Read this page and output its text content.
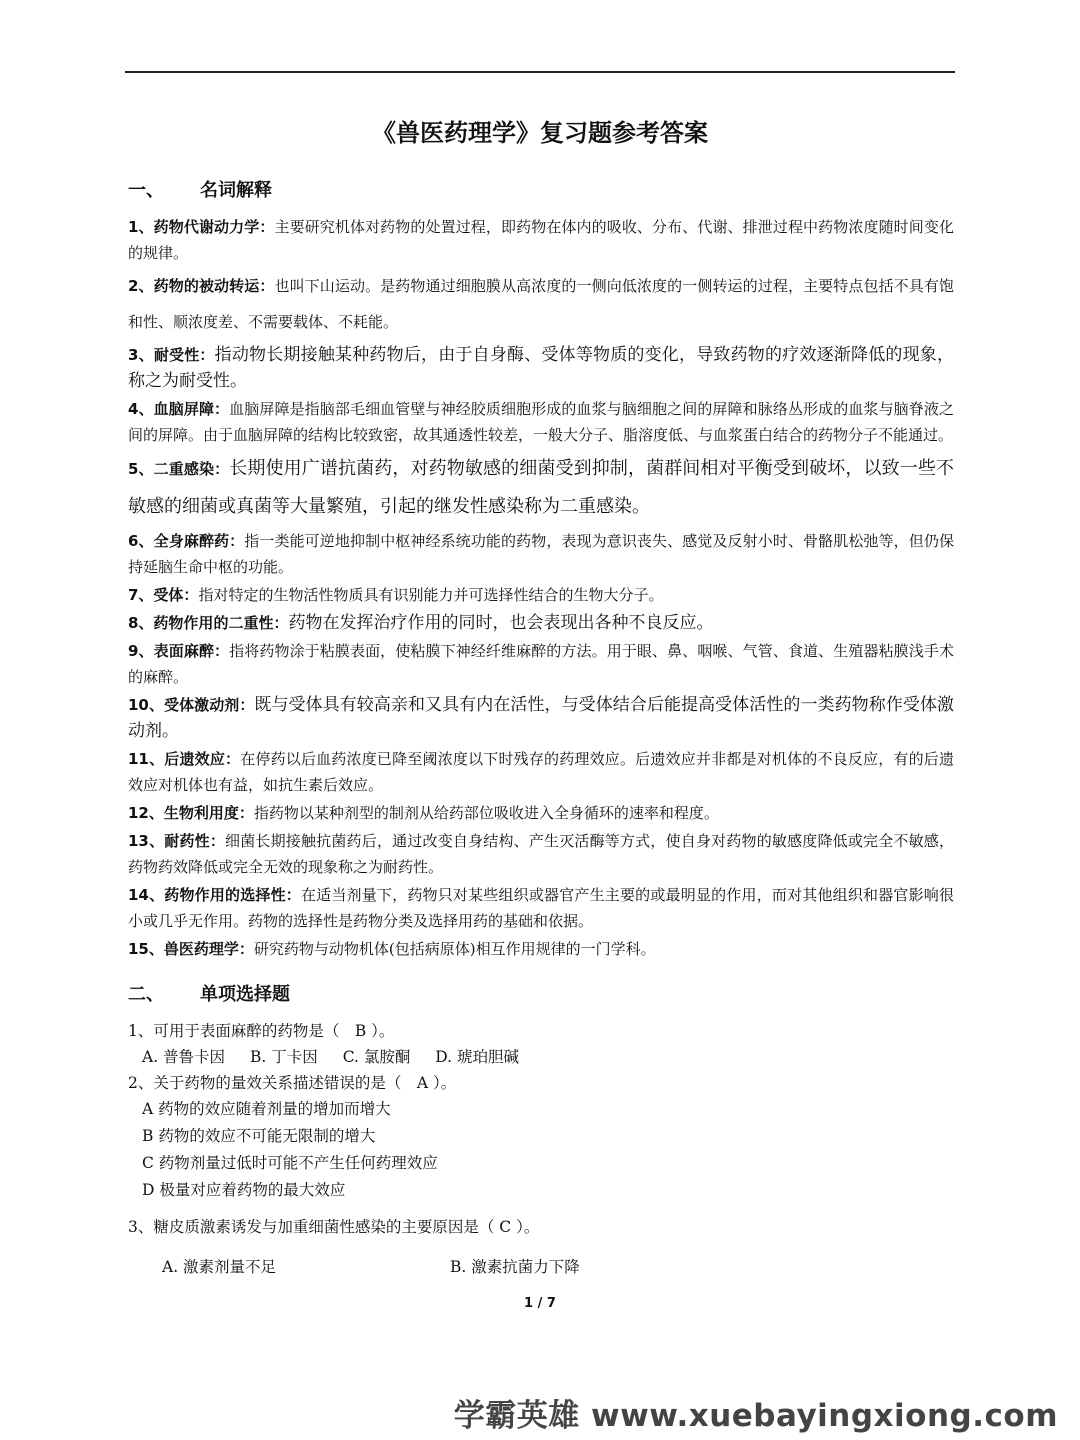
《兽医药理学》复习题参考答案
一、 名词解释

1、药物代谢动力学：主要研究机体对药物的处置过程，即药物在体内的吸收、分布、代谢、排泄过程中药物浓度随时间变化的规律。

2、药物的被动转运：也叫下山运动。是药物通过细胞膜从高浓度的一侧向低浓度的一侧转运的过程，主要特点包括不具有饱和性、顺浓度差、不需要载体、不耗能。

3、耐受性：指动物长期接触某种药物后，由于自身酶、受体等物质的变化，导致药物的疗效逐渐降低的现象，称之为耐受性。

4、血脑屏障：血脑屏障是指脑部毛细血管壁与神经胶质细胞形成的血浆与脑细胞之间的屏障和脉络丛形成的血浆与脑脊液之间的屏障。由于血脑屏障的结构比较致密，故其通透性较差，一般大分子、脂溶度低、与血浆蛋白结合的药物分子不能通过。

5、二重感染：长期使用广谱抗菌药，对药物敏感的细菌受到抑制，菌群间相对平衡受到破坏，以致一些不敏感的细菌或真菌等大量繁殖，引起的继发性感染称为二重感染。

6、全身麻醉药：指一类能可逆地抑制中枢神经系统功能的药物，表现为意识丧失、感觉及反射小时、骨骼肌松弛等，但仍保持延脑生命中枢的功能。

7、受体：指对特定的生物活性物质具有识别能力并可选择性结合的生物大分子。

8、药物作用的二重性：药物在发挥治疗作用的同时，也会表现出各种不良反应。

9、表面麻醉：指将药物涂于粘膜表面，使粘膜下神经纤维麻醉的方法。用于眼、鼻、咽喉、气管、食道、生殖器粘膜浅手术的麻醉。

10、受体激动剂：既与受体具有较高亲和又具有内在活性，与受体结合后能提高受体活性的一类药物称作受体激动剂。

11、后遗效应：在停药以后血药浓度已降至阈浓度以下时残存的药理效应。后遗效应并非都是对机体的不良反应，有的后遗效应对机体也有益，如抗生素后效应。

12、生物利用度：指药物以某种剂型的制剂从给药部位吸收进入全身循环的速率和程度。

13、耐药性：细菌长期接触抗菌药后，通过改变自身结构、产生灭活酶等方式，使自身对药物的敏感度降低或完全不敏感，药物药效降低或完全无效的现象称之为耐药性。

14、药物作用的选择性：在适当剂量下，药物只对某些组织或器官产生主要的或最明显的作用，而对其他组织和器官影响很小或几乎无作用。药物的选择性是药物分类及选择用药的基础和依据。

15、兽医药理学：研究药物与动物机体(包括病原体)相互作用规律的一门学科。

二、 单项选择题

1、可用于表面麻醉的药物是（　B ）。

A. 普鲁卡因 B. 丁卡因 C. 氯胺酮 D. 琥珀胆碱

2、关于药物的量效关系描述错误的是（　A ）。

A 药物的效应随着剂量的增加而增大

B 药物的效应不可能无限制的增大

C 药物剂量过低时可能不产生任何药理效应

D 极量对应着药物的最大效应

3、糖皮质激素诱发与加重细菌性感染的主要原因是（ C ）。

A. 激素剂量不足	B. 激素抗菌力下降

1 / 7
学霸英雄 www.xuebayingxiong.com
